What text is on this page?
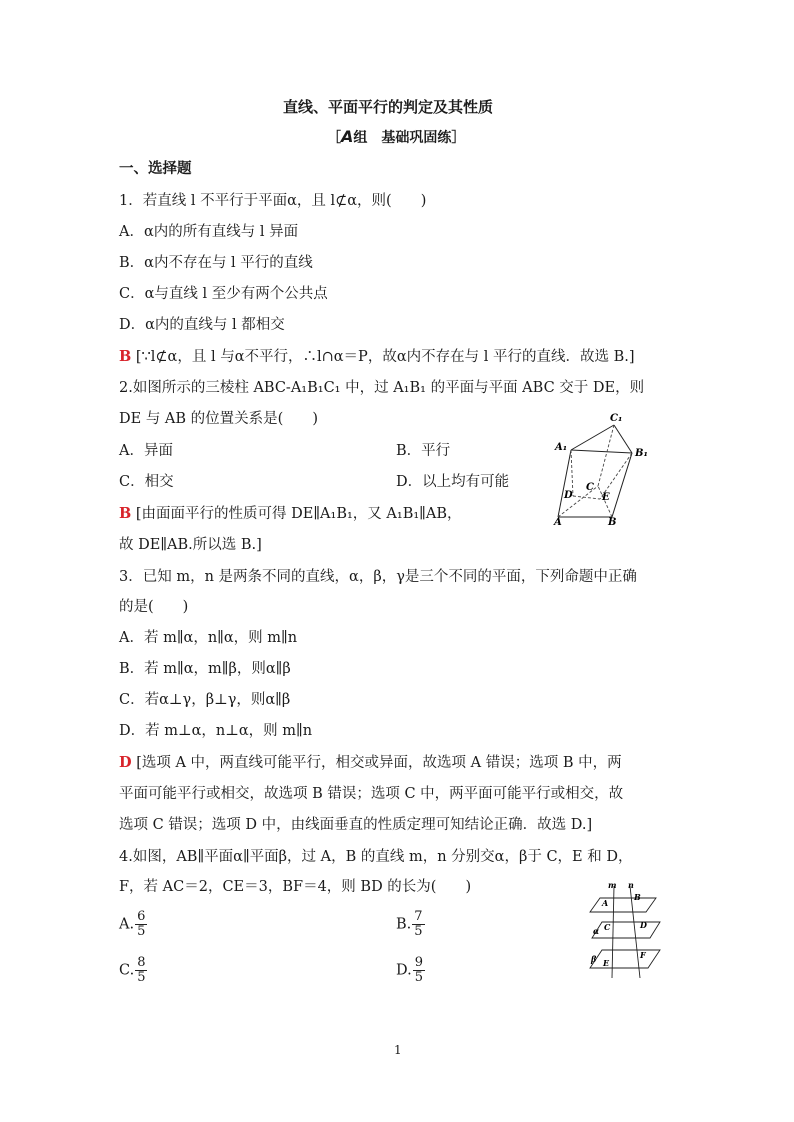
直线、平面平行的判定及其性质
［A组　基础巩固练］
一、选择题
1．若直线 l 不平行于平面α，且 l⊄α，则(　　)
A．α内的所有直线与 l 异面
B．α内不存在与 l 平行的直线
C．α与直线 l 至少有两个公共点
D．α内的直线与 l 都相交
B [∵l⊄α，且 l 与α不平行，∴l∩α＝P，故α内不存在与 l 平行的直线．故选 B.]
2.如图所示的三棱柱 ABC-A₁B₁C₁ 中，过 A₁B₁ 的平面与平面 ABC 交于 DE，则
DE 与 AB 的位置关系是(　　)
A．异面	B．平行
C．相交	D．以上均有可能
B [由面面平行的性质可得 DE∥A₁B₁，又 A₁B₁∥AB，
故 DE∥AB.所以选 B.]
C₁
A₁
B₁
C
D	E
A	B
3．已知 m，n 是两条不同的直线，α，β，γ是三个不同的平面，下列命题中正确
的是(　　)
A．若 m∥α，n∥α，则 m∥n
B．若 m∥α，m∥β，则α∥β
C．若α⊥γ，β⊥γ，则α∥β
D．若 m⊥α，n⊥α，则 m∥n
D [选项 A 中，两直线可能平行，相交或异面，故选项 A 错误；选项 B 中，两
平面可能平行或相交，故选项 B 错误；选项 C 中，两平面可能平行或相交，故
选项 C 错误；选项 D 中，由线面垂直的性质定理可知结论正确．故选 D.]
4.如图，AB∥平面α∥平面β，过 A，B 的直线 m，n 分别交α，β于 C，E 和 D，
F，若 AC＝2，CE＝3，BF＝4，则 BD 的长为(　　)
A. $\frac{6}{5}$	B. $\frac{7}{5}$
C. $\frac{8}{5}$	D. $\frac{9}{5}$
m n
A
B
α C	D
β E
F
1
